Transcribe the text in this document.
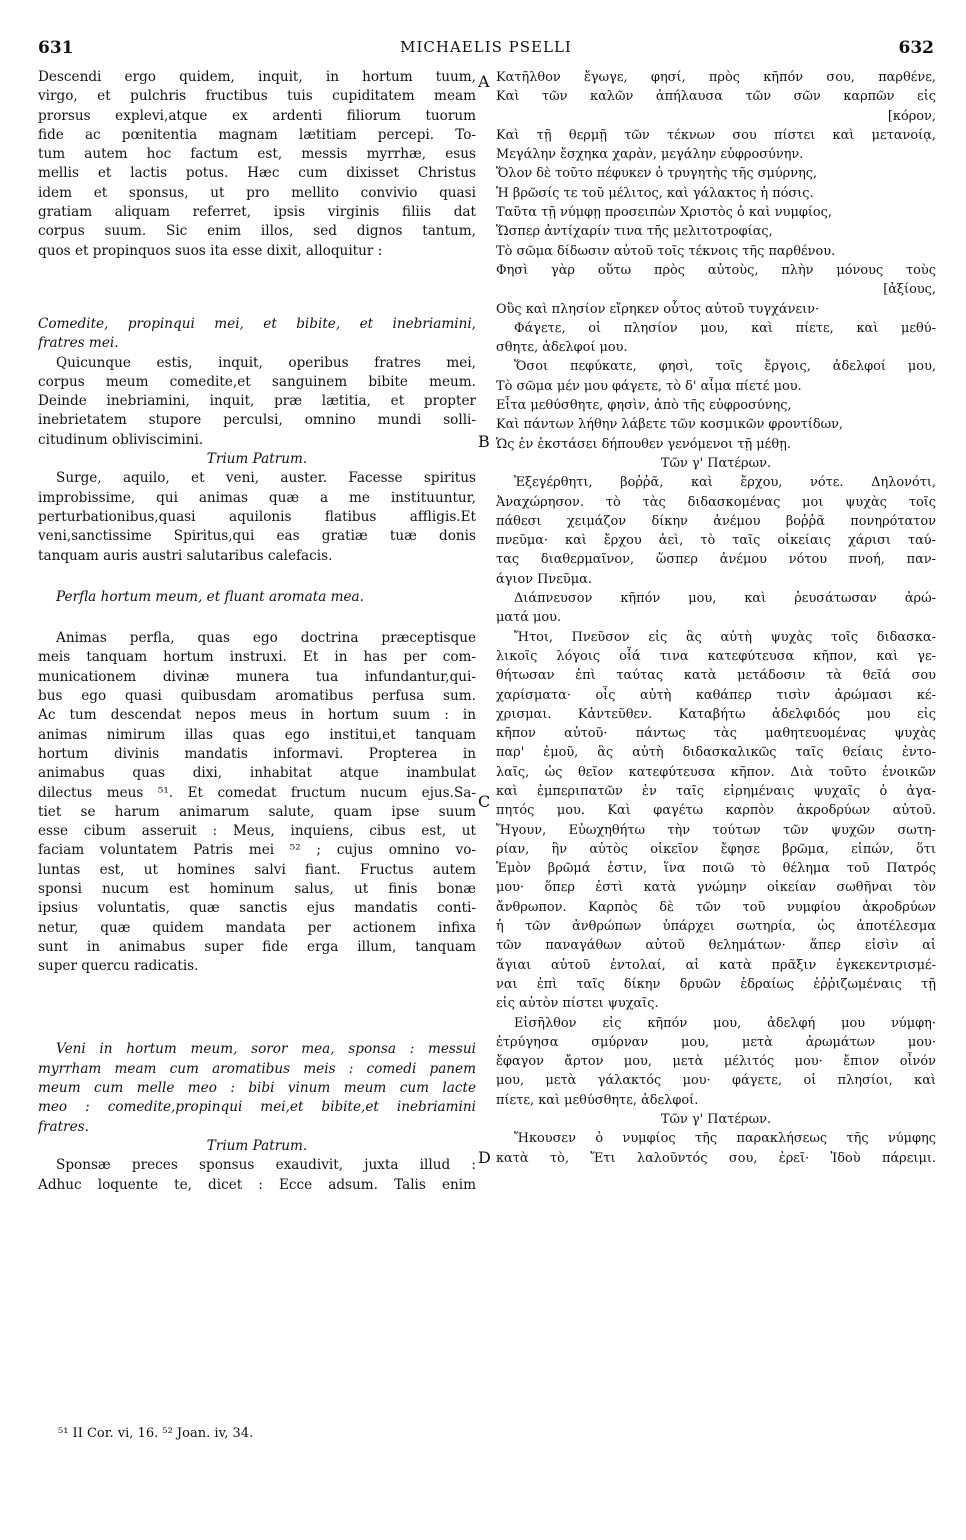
631	MICHAELIS PSELLI	632
Descendi ergo quidem, inquit, in hortum tuum,
virgo, et pulchris fructibus tuis cupiditatem meam
prorsus explevi,atque ex ardenti filiorum tuorum
fide ac pœnitentia magnam lætitiam percepi. To-
tum autem hoc factum est, messis myrrhæ, esus
mellis et lactis potus. Hæc cum dixisset Christus
idem et sponsus, ut pro mellito convivio quasi
gratiam aliquam referret, ipsis virginis filiis dat
corpus suum. Sic enim illos, sed dignos tantum,
quos et propinquos suos ita esse dixit, alloquitur :
Comedite, propinqui mei, et bibite, et inebriamini,
fratres mei.
Quicunque estis, inquit, operibus fratres mei,
corpus meum comedite,et sanguinem bibite meum.
Deinde inebriamini, inquit, præ lætitia, et propter
inebrietatem stupore perculsi, omnino mundi solli-
citudinum obliviscimini.
Trium Patrum.
Surge, aquilo, et veni, auster. Facesse spiritus
improbissime, qui animas quæ a me instituuntur,
perturbationibus,quasi aquilonis flatibus affligis.Et
veni,sanctissime Spiritus,qui eas gratiæ tuæ donis
tanquam auris austri salutaribus calefacis.
Perfla hortum meum, et fluant aromata mea.
Animas perfla, quas ego doctrina præceptisque
meis tanquam hortum instruxi. Et in has per com-
municationem divinæ munera tua infundantur,qui-
bus ego quasi quibusdam aromatibus perfusa sum.
Ac tum descendat nepos meus in hortum suum : in
animas nimirum illas quas ego institui,et tanquam
hortum divinis mandatis informavi. Propterea in
animabus quas dixi, inhabitat atque inambulat
dilectus meus ⁵¹. Et comedat fructum nucum ejus.Sa-
tiet se harum animarum salute, quam ipse suum
esse cibum asseruit : Meus, inquiens, cibus est, ut
faciam voluntatem Patris mei ⁵² ; cujus omnino vo-
luntas est, ut homines salvi fiant. Fructus autem
sponsi nucum est hominum salus, ut finis bonæ
ipsius voluntatis, quæ sanctis ejus mandatis conti-
netur, quæ quidem mandata per actionem infixa
sunt in animabus super fide erga illum, tanquam
super quercu radicatis.
Veni in hortum meum, soror mea, sponsa : messui
myrrham meam cum aromatibus meis : comedi panem
meum cum melle meo : bibi vinum meum cum lacte
meo : comedite,propinqui mei,et bibite,et inebriamini
fratres.
Trium Patrum.
Sponsæ preces sponsus exaudivit, juxta illud :
Adhuc loquente te, dicet : Ecce adsum. Talis enim
Κατῆλθον ἔγωγε, φησί, πρὸς κῆπόν σου, παρθένε,
Καὶ τῶν καλῶν ἀπήλαυσα τῶν σῶν καρπῶν εἰς
[κόρον,
Καὶ τῇ θερμῇ τῶν τέκνων σου πίστει καὶ μετανοίᾳ,
Μεγάλην ἔσχηκα χαρὰν, μεγάλην εὐφροσύνην.
Ὅλον δὲ τοῦτο πέφυκεν ὁ τρυγητὴς τῆς σμύρνης,
Ἡ βρῶσίς τε τοῦ μέλιτος, καὶ γάλακτος ἡ πόσις.
Ταῦτα τῇ νύμφῃ προσειπὼν Χριστὸς ὁ καὶ νυμφίος,
Ὥσπερ ἀντίχαρίν τινα τῆς μελιτοτροφίας,
Τὸ σῶμα δίδωσιν αὐτοῦ τοῖς τέκνοις τῆς παρθένου.
Φησὶ γὰρ οὕτω πρὸς αὐτοὺς, πλὴν μόνους τοὺς
[ἀξίους,
Οὓς καὶ πλησίον εἴρηκεν οὗτος αὐτοῦ τυγχάνειν·
Φάγετε, οἱ πλησίον μου, καὶ πίετε, καὶ μεθύ-
σθητε, ἀδελφοί μου.
Ὅσοι πεφύκατε, φησὶ, τοῖς ἔργοις, ἀδελφοί μου,
Τὸ σῶμα μέν μου φάγετε, τὸ δ' αἷμα πίετέ μου.
Εἶτα μεθύσθητε, φησὶν, ἀπὸ τῆς εὐφροσύνης,
Καὶ πάντων λήθην λάβετε τῶν κοσμικῶν φροντίδων,
Ὡς ἐν ἐκστάσει δήπουθεν γενόμενοι τῇ μέθῃ.
Τῶν γ' Πατέρων.
Ἐξεγέρθητι, βοῤῥᾶ, καὶ ἔρχου, νότε. Δηλονότι,
Ἀναχώρησον. τὸ τὰς διδασκομένας μοι ψυχὰς τοῖς
πάθεσι χειμάζον δίκην ἀνέμου βοῤῥᾶ πονηρότατον
πνεῦμα· καὶ ἔρχου ἀεὶ, τὸ ταῖς οἰκείαις χάρισι ταύ-
τας διαθερμαῖνον, ὥσπερ ἀνέμου νότου πνοή, παν-
άγιον Πνεῦμα.
Διάπνευσον κῆπόν μου, καὶ ῥευσάτωσαν ἀρώ-
ματά μου.
Ἤτοι, Πνεῦσον εἰς ἃς αὐτὴ ψυχὰς τοῖς διδασκα-
λικοῖς λόγοις οἷά τινα κατεφύτευσα κῆπον, καὶ γε-
θήτωσαν ἐπὶ ταύτας κατὰ μετάδοσιν τὰ θεῖά σου
χαρίσματα· οἷς αὐτὴ καθάπερ τισὶν ἀρώμασι κέ-
χρισμαι. Κἀντεῦθεν. Καταβήτω ἀδελφιδός μου εἰς
κῆπον αὐτοῦ· πάντως τὰς μαθητευομένας ψυχὰς
παρ' ἐμοῦ, ἃς αὐτὴ διδασκαλικῶς ταῖς θείαις ἐντο-
λαῖς, ὡς θεῖον κατεφύτευσα κῆπον. Διὰ τοῦτο ἐνοικῶν
καὶ ἐμπεριπατῶν ἐν ταῖς εἰρημέναις ψυχαῖς ὁ ἀγα-
πητός μου. Καὶ φαγέτω καρπὸν ἀκροδρύων αὐτοῦ.
Ἤγουν, Εὐωχηθήτω τὴν τούτων τῶν ψυχῶν σωτη-
ρίαν, ἣν αὐτὸς οἰκεῖον ἔφησε βρῶμα, εἰπών, ὅτι
Ἐμὸν βρῶμά ἐστιν, ἵνα ποιῶ τὸ θέλημα τοῦ Πατρός
μου· ὅπερ ἐστὶ κατὰ γνώμην οἰκείαν σωθῆναι τὸν
ἄνθρωπον. Καρπὸς δὲ τῶν τοῦ νυμφίου ἀκροδρύων
ἡ τῶν ἀνθρώπων ὑπάρχει σωτηρία, ὡς ἀποτέλεσμα
τῶν παναγάθων αὐτοῦ θελημάτων· ἅπερ εἰσὶν αἱ
ἅγιαι αὐτοῦ ἐντολαί, αἱ κατὰ πρᾶξιν ἐγκεκεντρισμέ-
ναι ἐπὶ ταῖς δίκην δρυῶν ἑδραίως ἐῤῥιζωμέναις τῇ
εἰς αὐτὸν πίστει ψυχαῖς.
Εἰσῆλθον εἰς κῆπόν μου, ἀδελφή μου νύμφη·
ἐτρύγησα σμύρναν μου, μετὰ ἀρωμάτων μου·
ἔφαγον ἄρτον μου, μετὰ μέλιτός μου· ἔπιον οἶνόν
μου, μετὰ γάλακτός μου· φάγετε, οἱ πλησίοι, καὶ
πίετε, καὶ μεθύσθητε, ἀδελφοί.
Τῶν γ' Πατέρων.
Ἤκουσεν ὁ νυμφίος τῆς παρακλήσεως τῆς νύμφης
κατὰ τὸ, Ἔτι λαλοῦντός σου, ἐρεῖ· Ἰδοὺ πάρειμι.
A
B
C
D
⁵¹ II Cor. vi, 16. ⁵² Joan. iv, 34.
